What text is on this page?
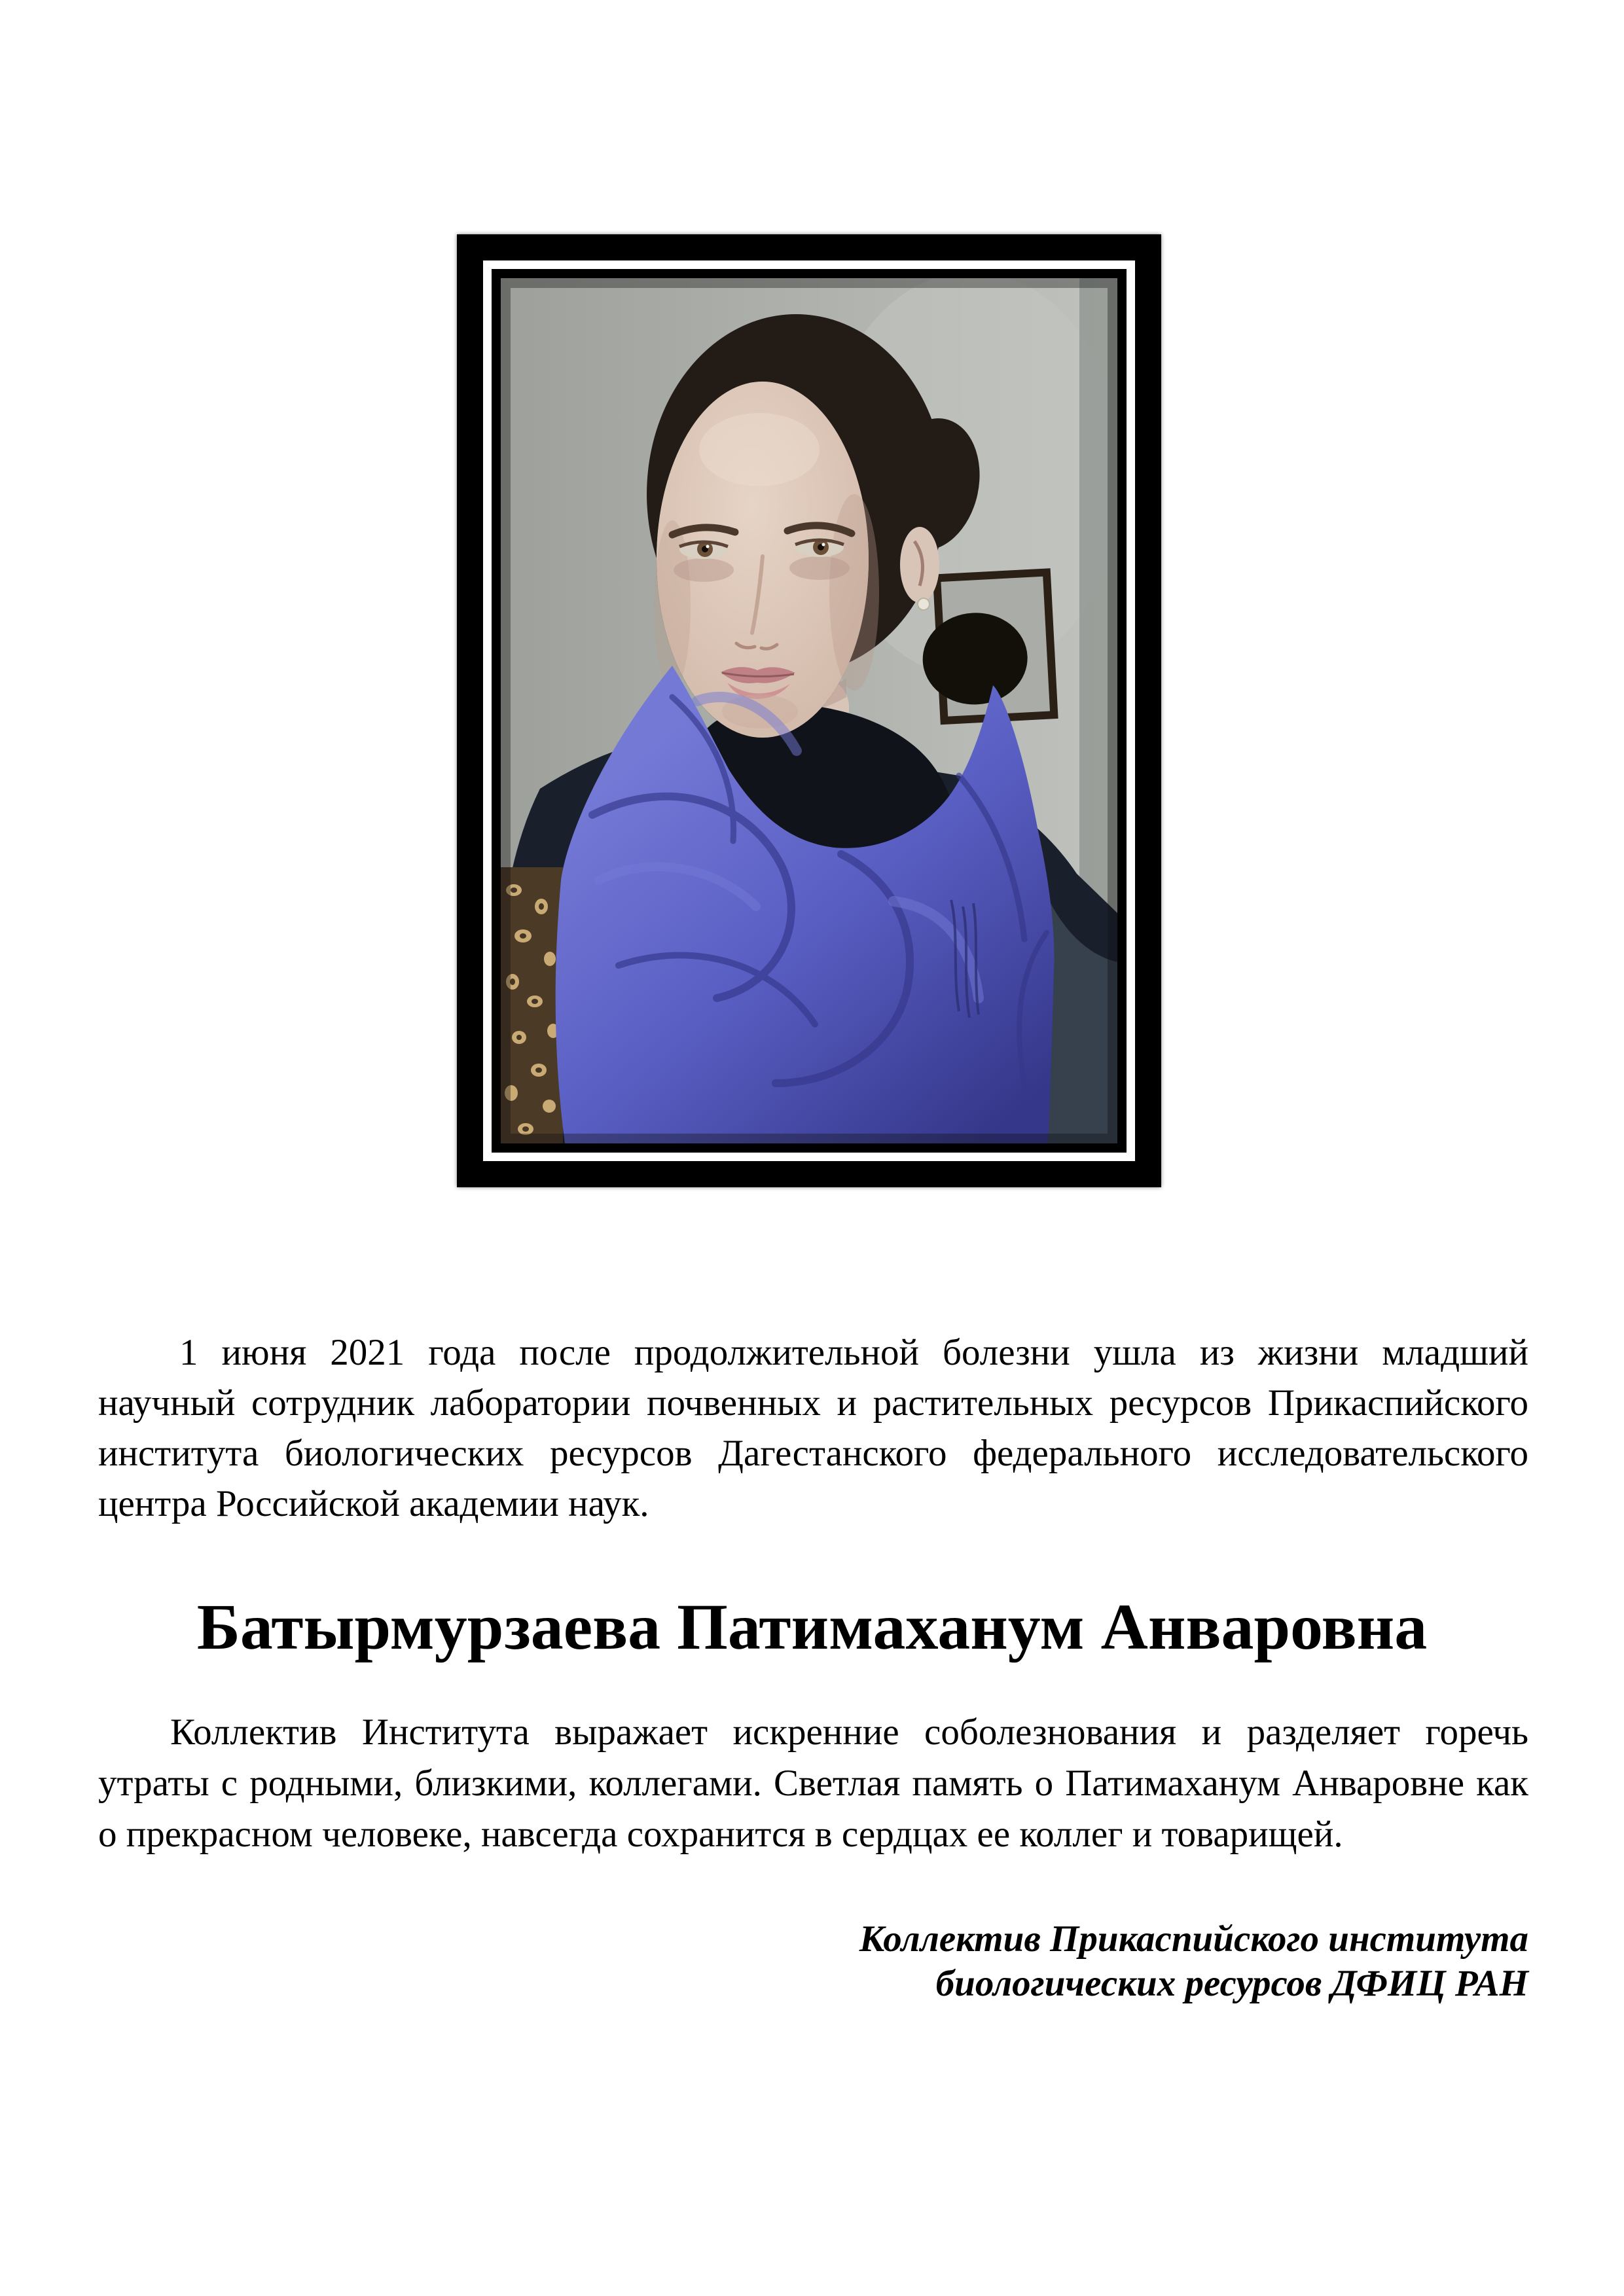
1 июня 2021 года после продолжительной болезни ушла из жизни младший научный сотрудник лаборатории почвенных и растительных ресурсов Прикаспийского института биологических ресурсов Дагестанского федерального исследовательского центра Российской академии наук.

Батырмурзаева Патимаханум Анваровна

Коллектив Института выражает искренние соболезнования и разделяет горечь утраты с родными, близкими, коллегами. Светлая память о Патимаханум Анваровне как о прекрасном человеке, навсегда сохранится в сердцах ее коллег и товарищей.

Коллектив Прикаспийского института
биологических ресурсов ДФИЦ РАН
